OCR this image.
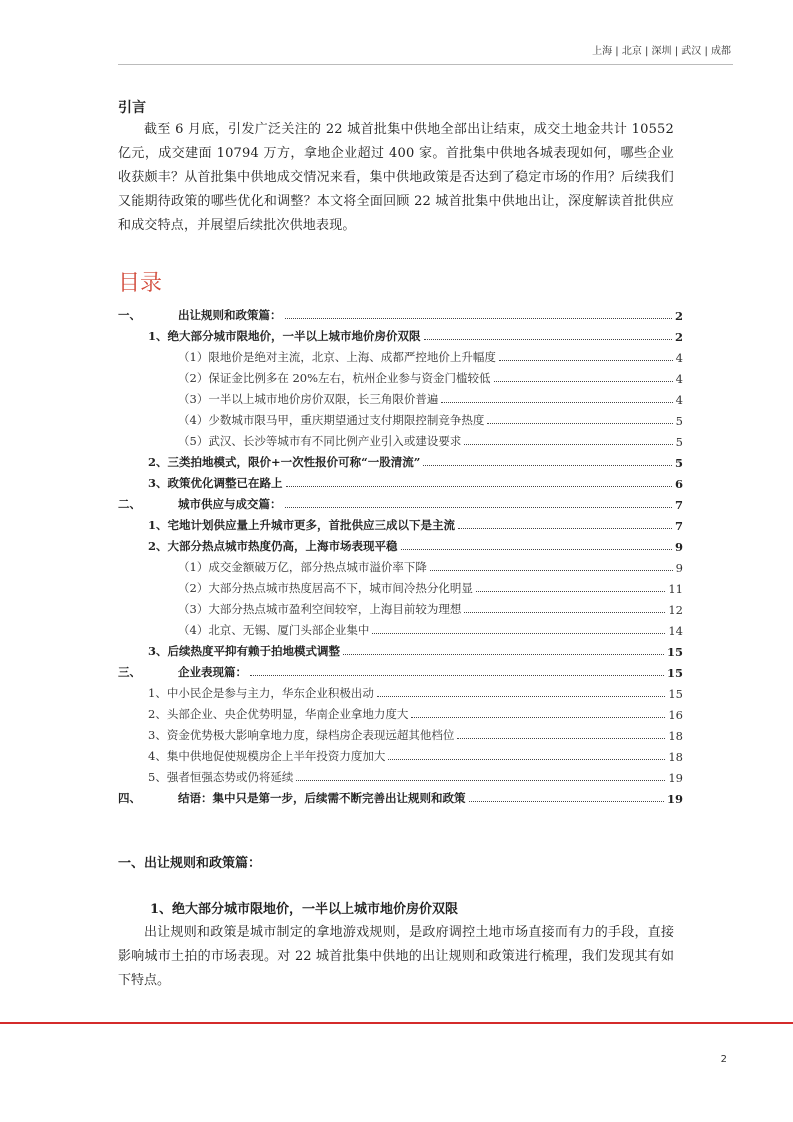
上海 | 北京 | 深圳 | 武汉 | 成都
引言
截至 6 月底，引发广泛关注的 22 城首批集中供地全部出让结束，成交土地金共计 10552 亿元，成交建面 10794 万方，拿地企业超过 400 家。首批集中供地各城表现如何，哪些企业收获颇丰？从首批集中供地成交情况来看，集中供地政策是否达到了稳定市场的作用？后续我们又能期待政策的哪些优化和调整？本文将全面回顾 22 城首批集中供地出让，深度解读首批供应和成交特点，并展望后续批次供地表现。
目录
一、	出让规则和政策篇：	2
1、 绝大部分城市限地价，一半以上城市地价房价双限	2
（1） 限地价是绝对主流，北京、上海、成都严控地价上升幅度	4
（2） 保证金比例多在 20%左右，杭州企业参与资金门槛较低	4
（3） 一半以上城市地价房价双限，长三角限价普遍	4
（4） 少数城市限马甲，重庆期望通过支付期限控制竞争热度	5
（5） 武汉、长沙等城市有不同比例产业引入或建设要求	5
2、 三类拍地模式，限价+一次性报价可称“一股清流”	5
3、 政策优化调整已在路上	6
二、	城市供应与成交篇：	7
1、 宅地计划供应量上升城市更多，首批供应三成以下是主流	7
2、 大部分热点城市热度仍高，上海市场表现平稳	9
（1） 成交金额破万亿，部分热点城市溢价率下降	9
（2） 大部分热点城市热度居高不下，城市间冷热分化明显	11
（3） 大部分热点城市盈利空间较窄，上海目前较为理想	12
（4） 北京、无锡、厦门头部企业集中	14
3、 后续热度平抑有赖于拍地模式调整	15
三、	企业表现篇：	15
1、 中小民企是参与主力，华东企业积极出动	15
2、 头部企业、央企优势明显，华南企业拿地力度大	16
3、 资金优势极大影响拿地力度，绿档房企表现远超其他档位	18
4、 集中供地促使规模房企上半年投资力度加大	18
5、 强者恒强态势或仍将延续	19
四、	结语：集中只是第一步，后续需不断完善出让规则和政策	19
一、出让规则和政策篇：
1、绝大部分城市限地价，一半以上城市地价房价双限
出让规则和政策是城市制定的拿地游戏规则，是政府调控土地市场直接而有力的手段，直接影响城市土拍的市场表现。对 22 城首批集中供地的出让规则和政策进行梳理，我们发现其有如下特点。
2
